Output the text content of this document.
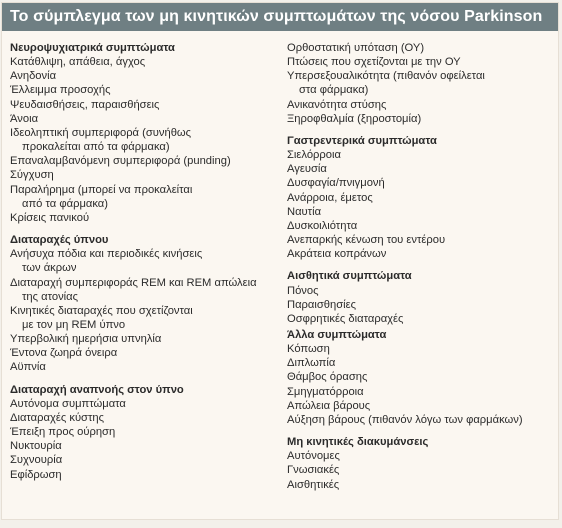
Το σύμπλεγμα των μη κινητικών συμπτωμάτων της νόσου Parkinson
Νευροψυχιατρικά συμπτώματα
Κατάθλιψη, απάθεια, άγχος
Ανηδονία
Έλλειμμα προσοχής
Ψευδαισθήσεις, παραισθήσεις
Άνοια
Ιδεοληπτική συμπεριφορά (συνήθως
προκαλείται από τα φάρμακα)
Επαναλαμβανόμενη συμπεριφορά (punding)
Σύγχυση
Παραλήρημα (μπορεί να προκαλείται
από τα φάρμακα)
Κρίσεις πανικού
Διαταραχές ύπνου
Ανήσυχα πόδια και περιοδικές κινήσεις
των άκρων
Διαταραχή συμπεριφοράς REM και REM απώλεια
της ατονίας
Κινητικές διαταραχές που σχετίζονται
με τον μη REM ύπνο
Υπερβολική ημερήσια υπνηλία
Έντονα ζωηρά όνειρα
Αϋπνία
Διαταραχή αναπνοής στον ύπνο
Αυτόνομα συμπτώματα
Διαταραχές κύστης
Έπειξη προς ούρηση
Νυκτουρία
Συχνουρία
Εφίδρωση
Ορθοστατική υπόταση (ΟΥ)
Πτώσεις που σχετίζονται με την ΟΥ
Υπερσεξουαλικότητα (πιθανόν οφείλεται
στα φάρμακα)
Ανικανότητα στύσης
Ξηροφθαλμία (ξηροστομία)
Γαστρεντερικά συμπτώματα
Σιελόρροια
Αγευσία
Δυσφαγία/πνιγμονή
Ανάρροια, έμετος
Ναυτία
Δυσκοιλιότητα
Ανεπαρκής κένωση του εντέρου
Ακράτεια κοπράνων
Αισθητικά συμπτώματα
Πόνος
Παραισθησίες
Οσφρητικές διαταραχές
Άλλα συμπτώματα
Κόπωση
Διπλωπία
Θάμβος όρασης
Σμηγματόρροια
Απώλεια βάρους
Αύξηση βάρους (πιθανόν λόγω των φαρμάκων)
Μη κινητικές διακυμάνσεις
Αυτόνομες
Γνωσιακές
Αισθητικές
